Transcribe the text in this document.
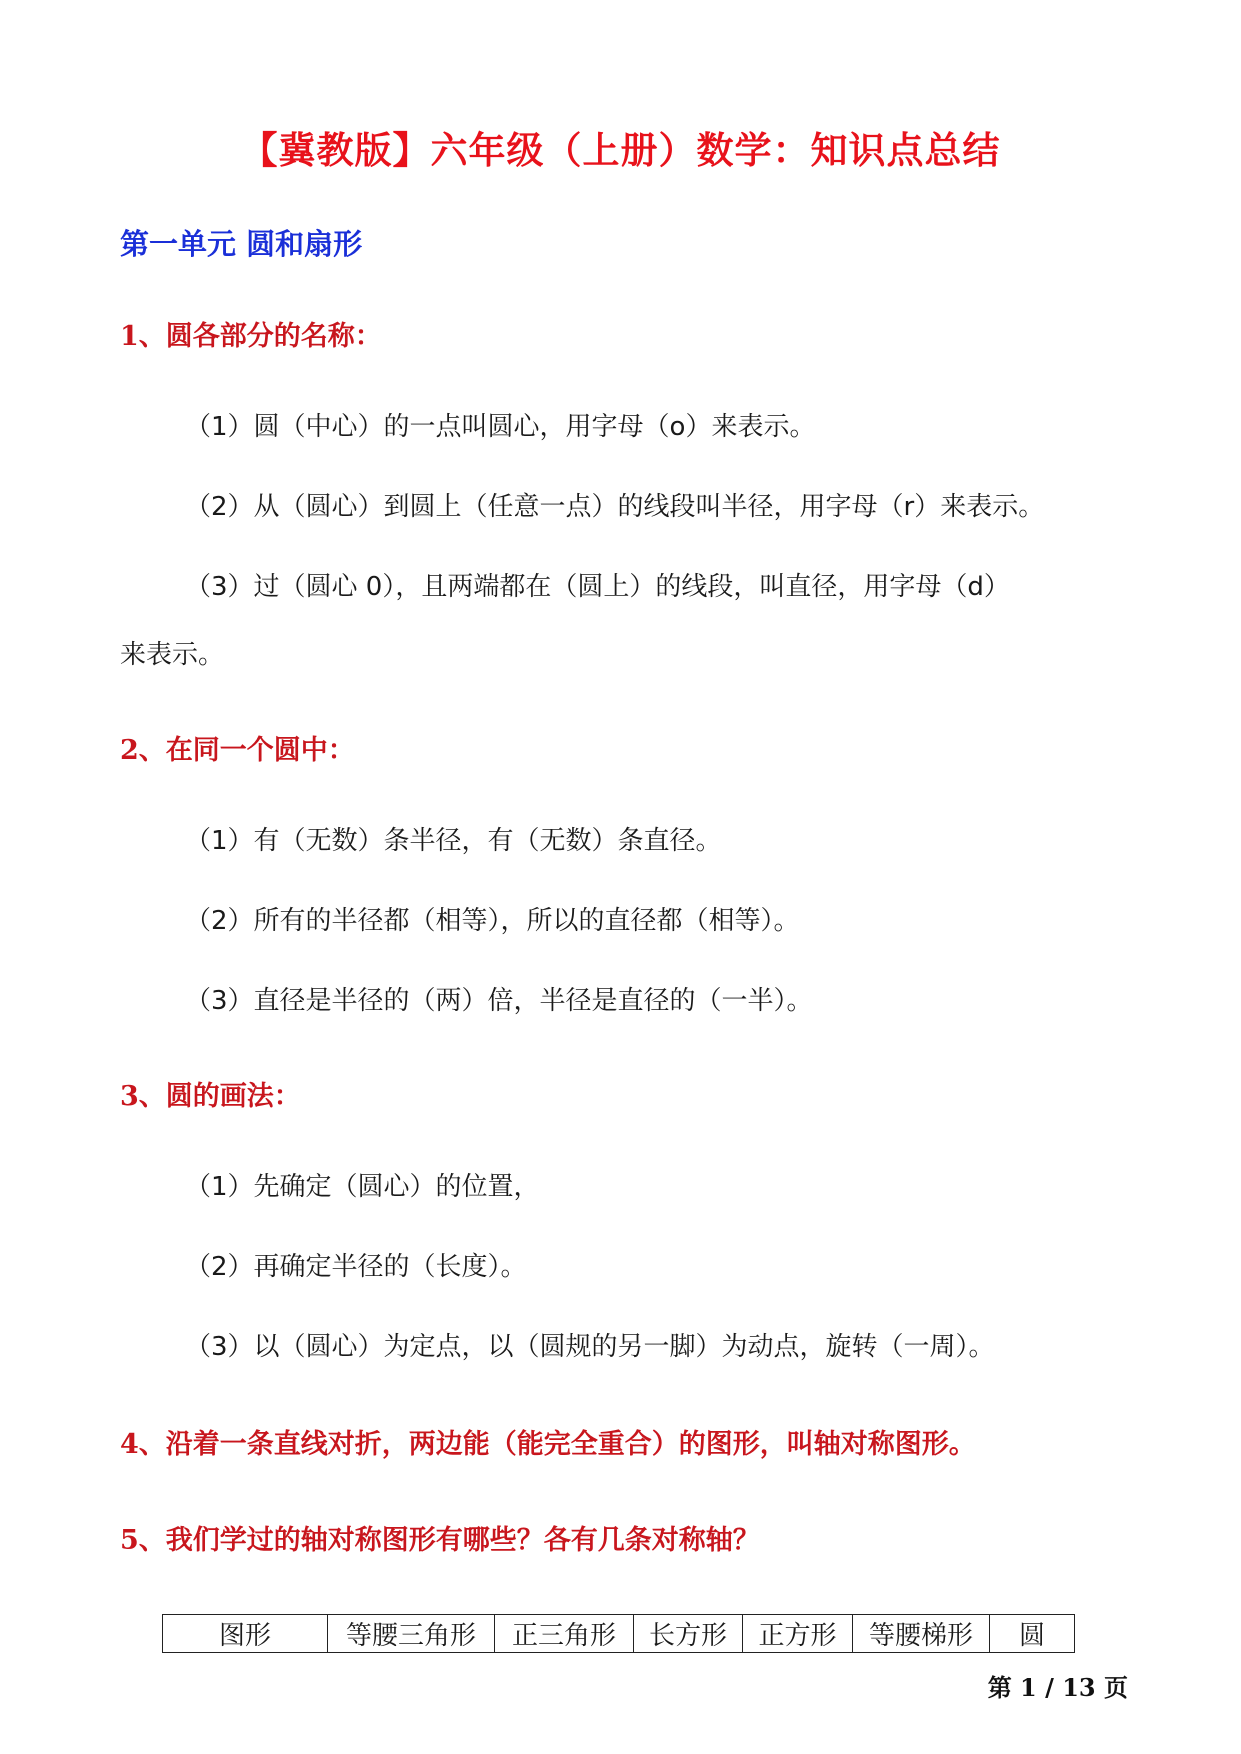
【冀教版】六年级（上册）数学：知识点总结
第一单元 圆和扇形
1、圆各部分的名称：
（1）圆（中心）的一点叫圆心，用字母（o）来表示。
（2）从（圆心）到圆上（任意一点）的线段叫半径，用字母（r）来表示。
（3）过（圆心 0），且两端都在（圆上）的线段，叫直径，用字母（d）
来表示。
2、在同一个圆中：
（1）有（无数）条半径，有（无数）条直径。
（2）所有的半径都（相等），所以的直径都（相等）。
（3）直径是半径的（两）倍，半径是直径的（一半）。
3、圆的画法：
（1）先确定（圆心）的位置，
（2）再确定半径的（长度）。
（3）以（圆心）为定点，以（圆规的另一脚）为动点，旋转（一周）。
4、沿着一条直线对折，两边能（能完全重合）的图形，叫轴对称图形。
5、我们学过的轴对称图形有哪些？各有几条对称轴？
图形	等腰三角形	正三角形	长方形	正方形	等腰梯形	圆
第 1 / 13 页
